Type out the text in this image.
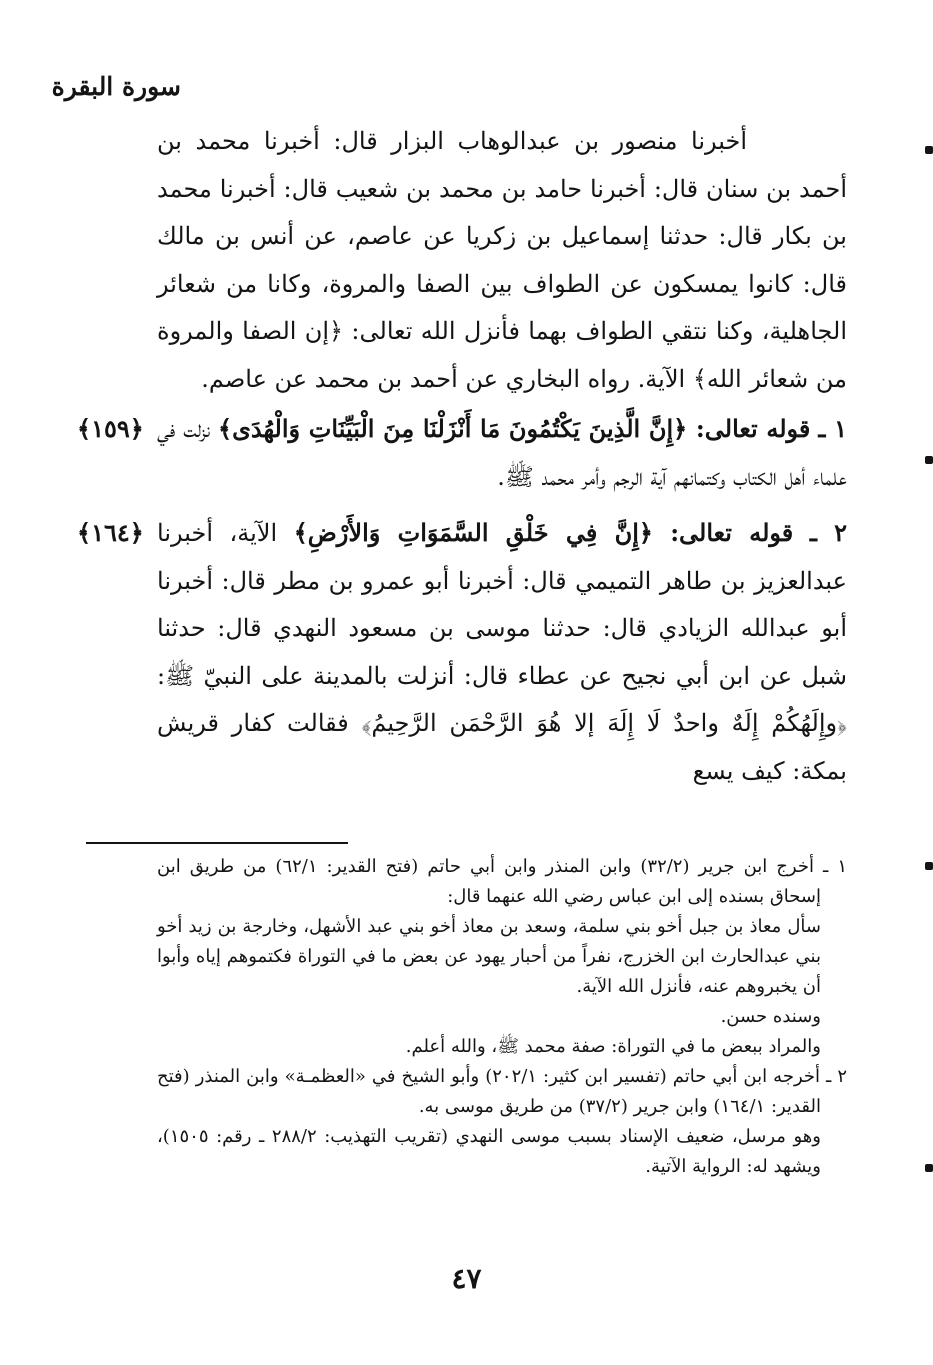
سورة البقرة

أخبرنا منصور بن عبدالوهاب البزار قال: أخبرنا محمد بن أحمد بن سنان قال: أخبرنا حامد بن محمد بن شعيب قال: أخبرنا محمد بن بكار قال: حدثنا إسماعيل بن زكريا عن عاصم، عن أنس بن مالك قال: كانوا يمسكون عن الطواف بين الصفا والمروة، وكانا من شعائر الجاهلية، وكنا نتقي الطواف بهما فأنزل الله تعالى: ﴿إن الصفا والمروة من شعائر الله﴾ الآية. رواه البخاري عن أحمد بن محمد عن عاصم.

﴿١٥٩﴾	١ ـ قوله تعالى: ﴿إِنَّ الَّذِينَ يَكْتُمُونَ مَا أَنْزَلْنَا مِنَ الْبَيِّنَاتِ وَالْهُدَى﴾ نزلت في علماء أهل الكتاب وكتمانهم آية الرجم وأمر محمد ﷺ.

﴿١٦٤﴾	٢ ـ قوله تعالى: ﴿إِنَّ فِي خَلْقِ السَّمَوَاتِ وَالأَرْضِ﴾ الآية، أخبرنا عبدالعزيز بن طاهر التميمي قال: أخبرنا أبو عمرو بن مطر قال: أخبرنا أبو عبدالله الزيادي قال: حدثنا موسى بن مسعود النهدي قال: حدثنا شبل عن ابن أبي نجيح عن عطاء قال: أنزلت بالمدينة على النبيّ ﷺ: ﴿وإِلَهُكُمْ إِلَهٌ واحدٌ لَا إِلَهَ إلا هُوَ الرَّحْمَن الرَّحِيمُ﴾ فقالت كفار قريش بمكة: كيف يسع

١ ـ أخرج ابن جرير (٣٢/٢) وابن المنذر وابن أبي حاتم (فتح القدير: ٦٢/١) من طريق ابن إسحاق بسنده إلى ابن عباس رضي الله عنهما قال:

سأل معاذ بن جبل أخو بني سلمة، وسعد بن معاذ أخو بني عبد الأشهل، وخارجة بن زيد أخو بني عبدالحارث ابن الخزرج، نفراً من أحبار يهود عن بعض ما في التوراة فكتموهم إياه وأبوا أن يخبروهم عنه، فأنزل الله الآية.

وسنده حسن.

والمراد ببعض ما في التوراة: صفة محمد ﷺ، والله أعلم.

٢ ـ أخرجه ابن أبي حاتم (تفسير ابن كثير: ٢٠٢/١) وأبو الشيخ في «العظمـة» وابن المنذر (فتح القدير: ١٦٤/١) وابن جرير (٣٧/٢) من طريق موسى به.

وهو مرسل، ضعيف الإسناد بسبب موسى النهدي (تقريب التهذيب: ٢٨٨/٢ ـ رقم: ١٥٠٥)، ويشهد له: الرواية الآتية.

٤٧
